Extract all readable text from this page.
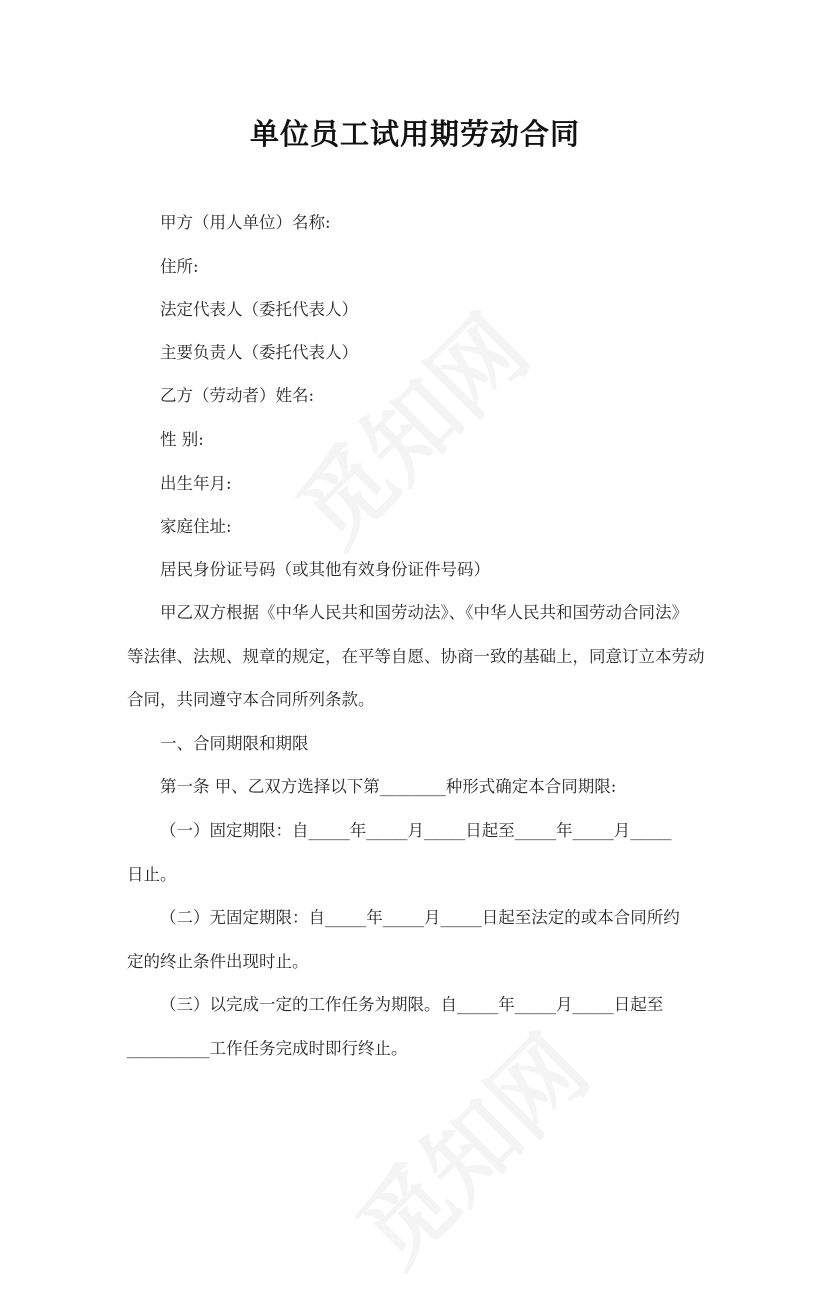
单位员工试用期劳动合同
甲方（用人单位）名称:
住所:
法定代表人（委托代表人）
主要负责人（委托代表人）
乙方（劳动者）姓名:
性 别:
出生年月:
家庭住址:
居民身份证号码（或其他有效身份证件号码）
甲乙双方根据《中华人民共和国劳动法》、《中华人民共和国劳动合同法》
等法律、法规、规章的规定，在平等自愿、协商一致的基础上，同意订立本劳动
合同，共同遵守本合同所列条款。
一、合同期限和期限
第一条 甲、乙双方选择以下第________种形式确定本合同期限:
（一）固定期限：自_____年_____月_____日起至_____年_____月_____
日止。
（二）无固定期限：自_____年_____月_____日起至法定的或本合同所约
定的终止条件出现时止。
（三）以完成一定的工作任务为期限。自_____年_____月_____日起至
__________工作任务完成时即行终止。
